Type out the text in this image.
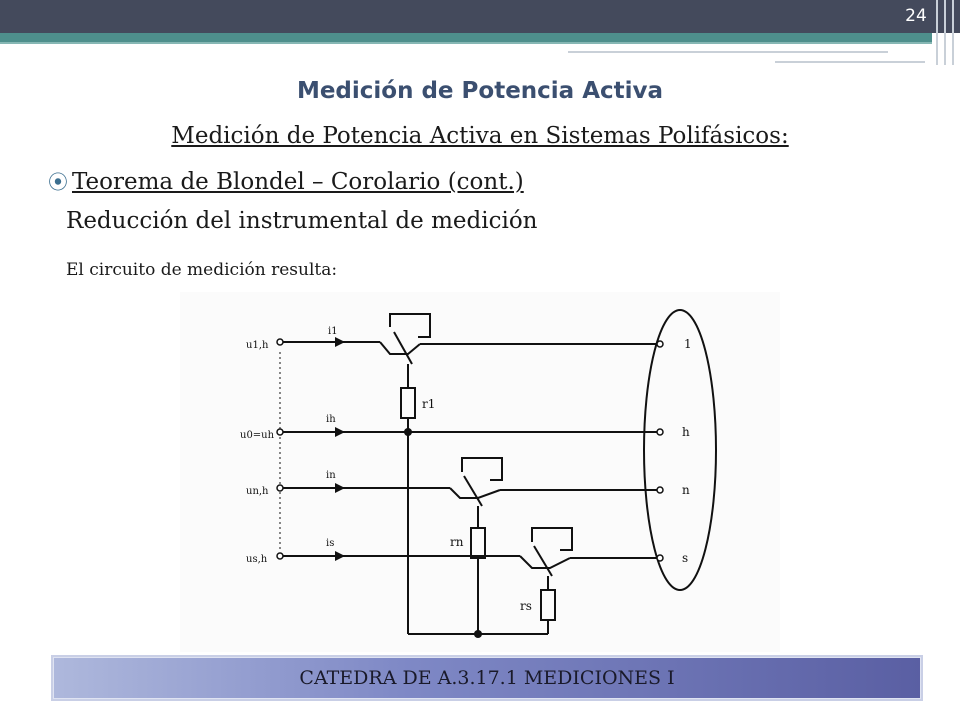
24
Medición de Potencia Activa
Medición de Potencia Activa en Sistemas Polifásicos:
⦿ Teorema de Blondel – Corolario (cont.)
Reducción del instrumental de medición
El circuito de medición resulta:
u1,h
u0=uh
un,h
us,h
i1
ih
in
is
r1
rn
rs
1
h
n
s
CATEDRA DE A.3.17.1 MEDICIONES I
